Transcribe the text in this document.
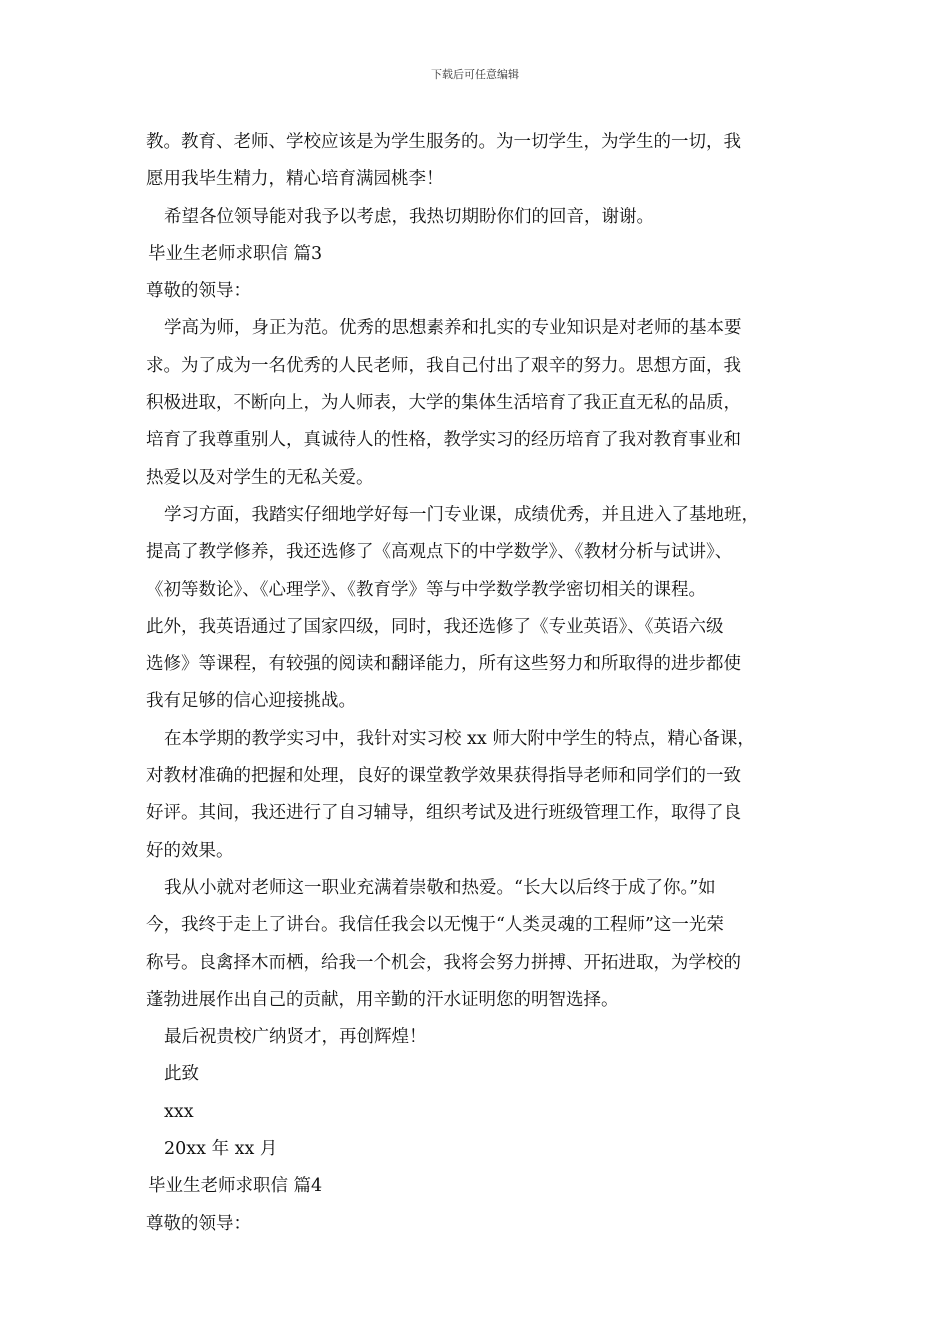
下载后可任意编辑
教。教育、老师、学校应该是为学生服务的。为一切学生，为学生的一切，我
愿用我毕生精力，精心培育满园桃李！
希望各位领导能对我予以考虑，我热切期盼你们的回音，谢谢。
毕业生老师求职信 篇3
尊敬的领导：
学高为师，身正为范。优秀的思想素养和扎实的专业知识是对老师的基本要
求。为了成为一名优秀的人民老师，我自己付出了艰辛的努力。思想方面，我
积极进取，不断向上，为人师表，大学的集体生活培育了我正直无私的品质，
培育了我尊重别人，真诚待人的性格，教学实习的经历培育了我对教育事业和
热爱以及对学生的无私关爱。
学习方面，我踏实仔细地学好每一门专业课，成绩优秀，并且进入了基地班，
提高了教学修养，我还选修了《高观点下的中学数学》、《教材分析与试讲》、
《初等数论》、《心理学》、《教育学》等与中学数学教学密切相关的课程。
此外，我英语通过了国家四级，同时，我还选修了《专业英语》、《英语六级
选修》等课程，有较强的阅读和翻译能力，所有这些努力和所取得的进步都使
我有足够的信心迎接挑战。
在本学期的教学实习中，我针对实习校 xx 师大附中学生的特点，精心备课，
对教材准确的把握和处理，良好的课堂教学效果获得指导老师和同学们的一致
好评。其间，我还进行了自习辅导，组织考试及进行班级管理工作，取得了良
好的效果。
我从小就对老师这一职业充满着崇敬和热爱。“长大以后终于成了你。”如
今，我终于走上了讲台。我信任我会以无愧于“人类灵魂的工程师”这一光荣
称号。良禽择木而栖，给我一个机会，我将会努力拼搏、开拓进取，为学校的
蓬勃进展作出自己的贡献，用辛勤的汗水证明您的明智选择。
最后祝贵校广纳贤才，再创辉煌！
此致
xxx
20xx 年 xx 月
毕业生老师求职信 篇4
尊敬的领导：
